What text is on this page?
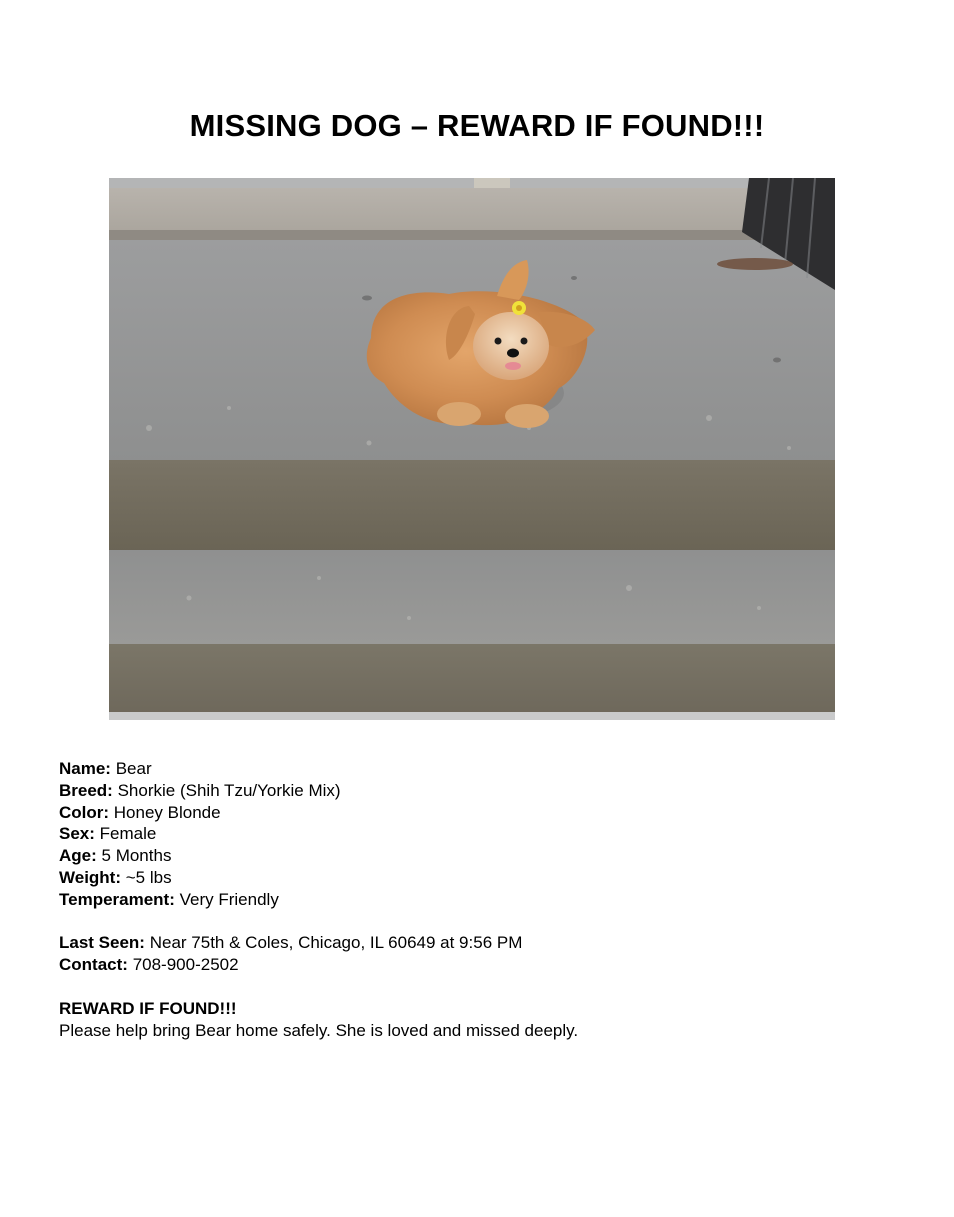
MISSING DOG – REWARD IF FOUND!!!
Name: Bear
Breed: Shorkie (Shih Tzu/Yorkie Mix)
Color: Honey Blonde
Sex: Female
Age: 5 Months
Weight: ~5 lbs
Temperament: Very Friendly
Last Seen: Near 75th & Coles, Chicago, IL 60649 at 9:56 PM
Contact: 708-900-2502
REWARD IF FOUND!!!
Please help bring Bear home safely. She is loved and missed deeply.
